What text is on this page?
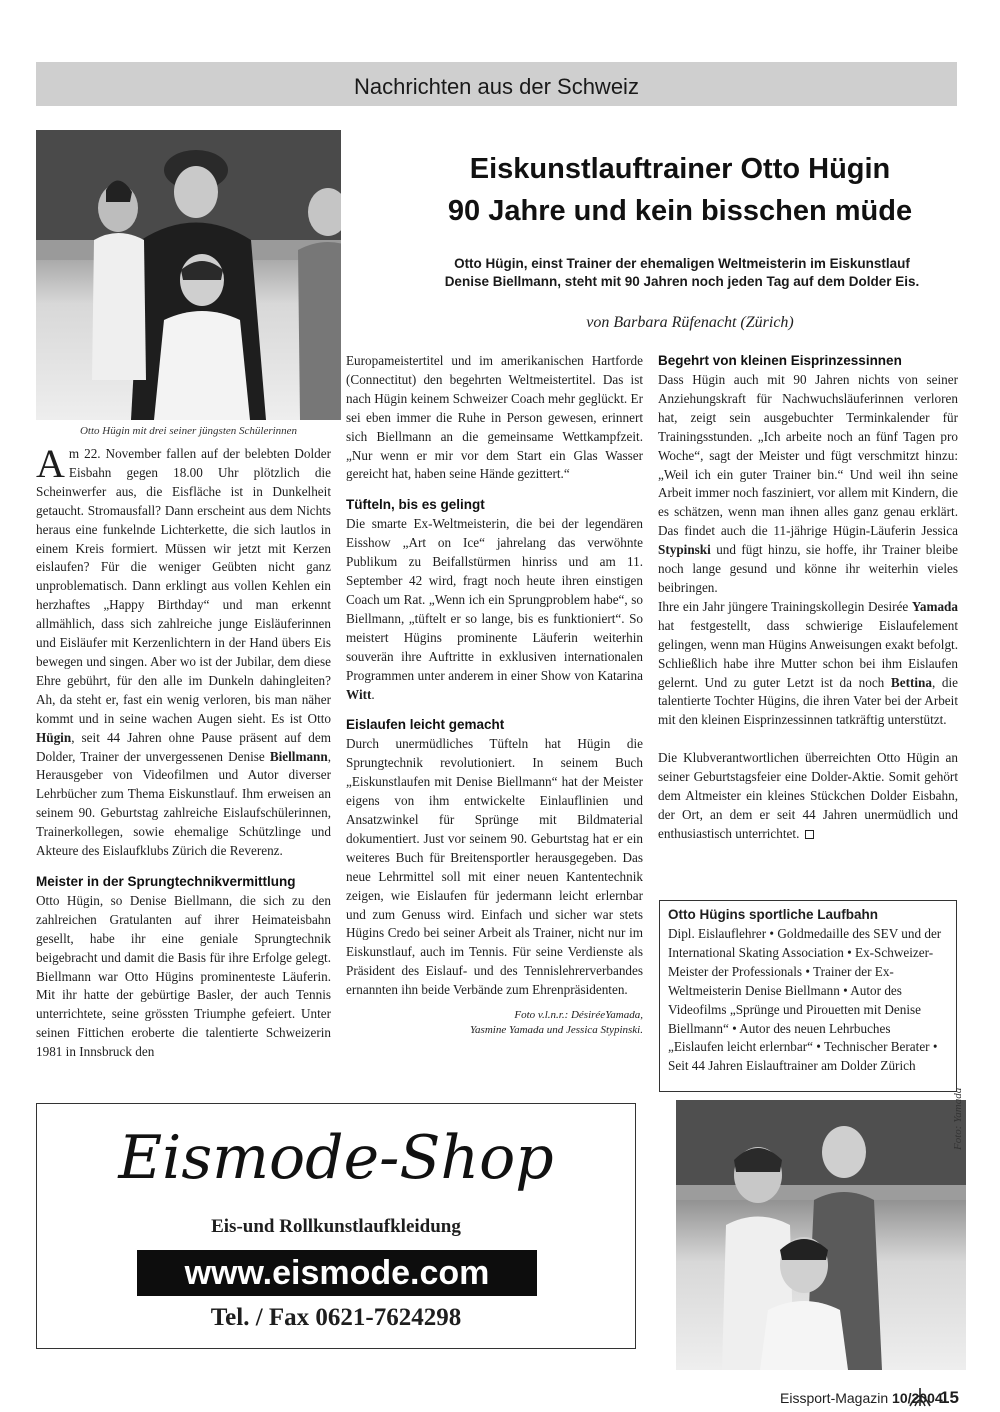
Nachrichten aus der Schweiz
Otto Hügin mit drei seiner jüngsten Schülerinnen
Eiskunstlauftrainer Otto Hügin
90 Jahre und kein bisschen müde
Otto Hügin, einst Trainer der ehemaligen Weltmeisterin im Eiskunstlauf
Denise Biellmann, steht mit 90 Jahren noch jeden Tag auf dem Dolder Eis.
von Barbara Rüfenacht (Zürich)

Am 22. November fallen auf der belebten Dolder Eisbahn gegen 18.00 Uhr plötzlich die Scheinwerfer aus, die Eisfläche ist in Dunkelheit getaucht. Stromausfall? Dann erscheint aus dem Nichts heraus eine funkelnde Lichterkette, die sich lautlos in einem Kreis formiert. Müssen wir jetzt mit Kerzen eislaufen? Für die weniger Geübten nicht ganz unproblematisch. Dann erklingt aus vollen Kehlen ein herzhaftes „Happy Birthday“ und man erkennt allmählich, dass sich zahlreiche junge Eisläuferinnen und Eisläufer mit Kerzenlichtern in der Hand übers Eis bewegen und singen. Aber wo ist der Jubilar, dem diese Ehre gebührt, für den alle im Dunkeln dahingleiten? Ah, da steht er, fast ein wenig verloren, bis man näher kommt und in seine wachen Augen sieht. Es ist Otto Hügin, seit 44 Jahren ohne Pause präsent auf dem Dolder, Trainer der unvergessenen Denise Biellmann, Herausgeber von Videofilmen und Autor diverser Lehrbücher zum Thema Eiskunstlauf. Ihm erweisen an seinem 90. Geburtstag zahlreiche Eislaufschülerinnen, Trainerkollegen, sowie ehemalige Schützlinge und Akteure des Eislaufklubs Zürich die Reverenz.

Meister in der Sprungtechnikvermittlung

Otto Hügin, so Denise Biellmann, die sich zu den zahlreichen Gratulanten auf ihrer Heimateisbahn gesellt, habe ihr eine geniale Sprungtechnik beigebracht und damit die Basis für ihre Erfolge gelegt. Biellmann war Otto Hügins prominenteste Läuferin. Mit ihr hatte der gebürtige Basler, der auch Tennis unterrichtete, seine grössten Triumphe gefeiert. Unter seinen Fittichen eroberte die talentierte Schweizerin 1981 in Innsbruck den

Europameistertitel und im amerikanischen Hartforde (Connectitut) den begehrten Weltmeistertitel. Das ist nach Hügin keinem Schweizer Coach mehr geglückt. Er sei eben immer die Ruhe in Person gewesen, erinnert sich Biellmann an die gemeinsame Wettkampfzeit. „Nur wenn er mir vor dem Start ein Glas Wasser gereicht hat, haben seine Hände gezittert.“

Tüfteln, bis es gelingt

Die smarte Ex-Weltmeisterin, die bei der legendären Eisshow „Art on Ice“ jahrelang das verwöhnte Publikum zu Beifallstürmen hinriss und am 11. September 42 wird, fragt noch heute ihren einstigen Coach um Rat. „Wenn ich ein Sprungproblem habe“, so Biellmann, „tüftelt er so lange, bis es funktioniert“. So meistert Hügins prominente Läuferin weiterhin souverän ihre Auftritte in exklusiven internationalen Programmen unter anderem in einer Show von Katarina Witt.

Eislaufen leicht gemacht

Durch unermüdliches Tüfteln hat Hügin die Sprungtechnik revolutioniert. In seinem Buch „Eiskunstlaufen mit Denise Biellmann“ hat der Meister eigens von ihm entwickelte Einlauflinien und Ansatzwinkel für Sprünge mit Bildmaterial dokumentiert. Just vor seinem 90. Geburtstag hat er ein weiteres Buch für Breitensportler herausgegeben. Das neue Lehrmittel soll mit einer neuen Kantentechnik zeigen, wie Eislaufen für jedermann leicht erlernbar und zum Genuss wird. Einfach und sicher war stets Hügins Credo bei seiner Arbeit als Trainer, nicht nur im Eiskunstlauf, auch im Tennis. Für seine Verdienste als Präsident des Eislauf- und des Tennislehrerverbandes ernannten ihn beide Verbände zum Ehrenpräsidenten.

Foto v.l.n.r.: DésiréeYamada,
Yasmine Yamada und Jessica Stypinski.
Begehrt von kleinen Eisprinzessinnen

Dass Hügin auch mit 90 Jahren nichts von seiner Anziehungskraft für Nachwuchsläuferinnen verloren hat, zeigt sein ausgebuchter Terminkalender für Trainingsstunden. „Ich arbeite noch an fünf Tagen pro Woche“, sagt der Meister und fügt verschmitzt hinzu: „Weil ich ein guter Trainer bin.“ Und weil ihn seine Arbeit immer noch fasziniert, vor allem mit Kindern, die es schätzen, wenn man ihnen alles ganz genau erklärt. Das findet auch die 11-jährige Hügin-Läuferin Jessica Stypinski und fügt hinzu, sie hoffe, ihr Trainer bleibe noch lange gesund und könne ihr weiterhin vieles beibringen.

Ihre ein Jahr jüngere Trainingskollegin Desirée Yamada hat festgestellt, dass schwierige Eislaufelement gelingen, wenn man Hügins Anweisungen exakt befolgt. Schließlich habe ihre Mutter schon bei ihm Eislaufen gelernt. Und zu guter Letzt ist da noch Bettina, die talentierte Tochter Hügins, die ihren Vater bei der Arbeit mit den kleinen Eisprinzessinnen tatkräftig unterstützt.

Die Klubverantwortlichen überreichten Otto Hügin an seiner Geburtstagsfeier eine Dolder-Aktie. Somit gehört dem Altmeister ein kleines Stückchen Dolder Eisbahn, der Ort, an dem er seit 44 Jahren unermüdlich und enthusiastisch unterrichtet.

Otto Hügins sportliche Laufbahn
Dipl. Eislauflehrer • Goldmedaille des SEV und der International Skating Association • Ex-Schweizer-Meister der Professionals • Trainer der Ex-Weltmeisterin Denise Biellmann • Autor des Videofilms „Sprünge und Pirouetten mit Denise Biellmann“ • Autor des neuen Lehrbuches „Eislaufen leicht erlernbar“ • Technischer Berater • Seit 44 Jahren Eislauftrainer am Dolder Zürich
Eismode-Shop
Eis-und Rollkunstlaufkleidung
www.eismode.com
Tel. / Fax 0621-7624298
Foto: Yamada
Eissport-Magazin 10/2004
15
